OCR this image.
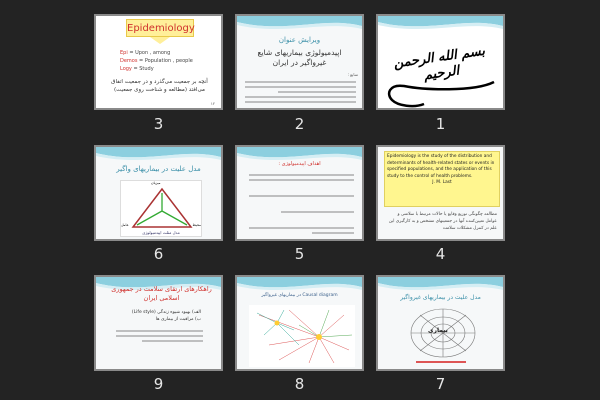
Epidemiology
Epi = Upon , among
Demos = Population , people
Logy = Study
آنچه بر جمعیت می‌گذرد و در جمعیت اتفاق می‌افتد (مطالعه و شناخت روی جمعیت)
۱۲
3
ویرایش عنوان
اپیدمیولوژی بیماریهای شایع غیرواگیر در ایران
منابع :
2
بسم الله الرحمن الرحیم
1
مدل علیت در بیماریهای واگیر
میزبان
عامل	محیط
مدل مثلث اپیدمیولوژی
6
اهداف اپیدمیولوژی :
5
Epidemiology is the study of the distribution and determinants of health-related states or events in specified populations, and the application of this study to the control of health problems.
J. M. Last
مطالعه چگونگی توزیع وقایع یا حالات مرتبط با سلامتی و عوامل تعیین‌کننده آنها در جمعیتهای مشخص و به کارگیری این علم در کنترل مشکلات سلامت
4
راهکارهای ارتقای سلامت در جمهوری اسلامی ایران
الف) بهبود شیوه زندگی (Life style)
ب) مراقبت از بیماری ها
9
Causal diagram در بیماریهای غیرواگیر
8
مدل علیت در بیماریهای غیرواگیر
بیماری
7
